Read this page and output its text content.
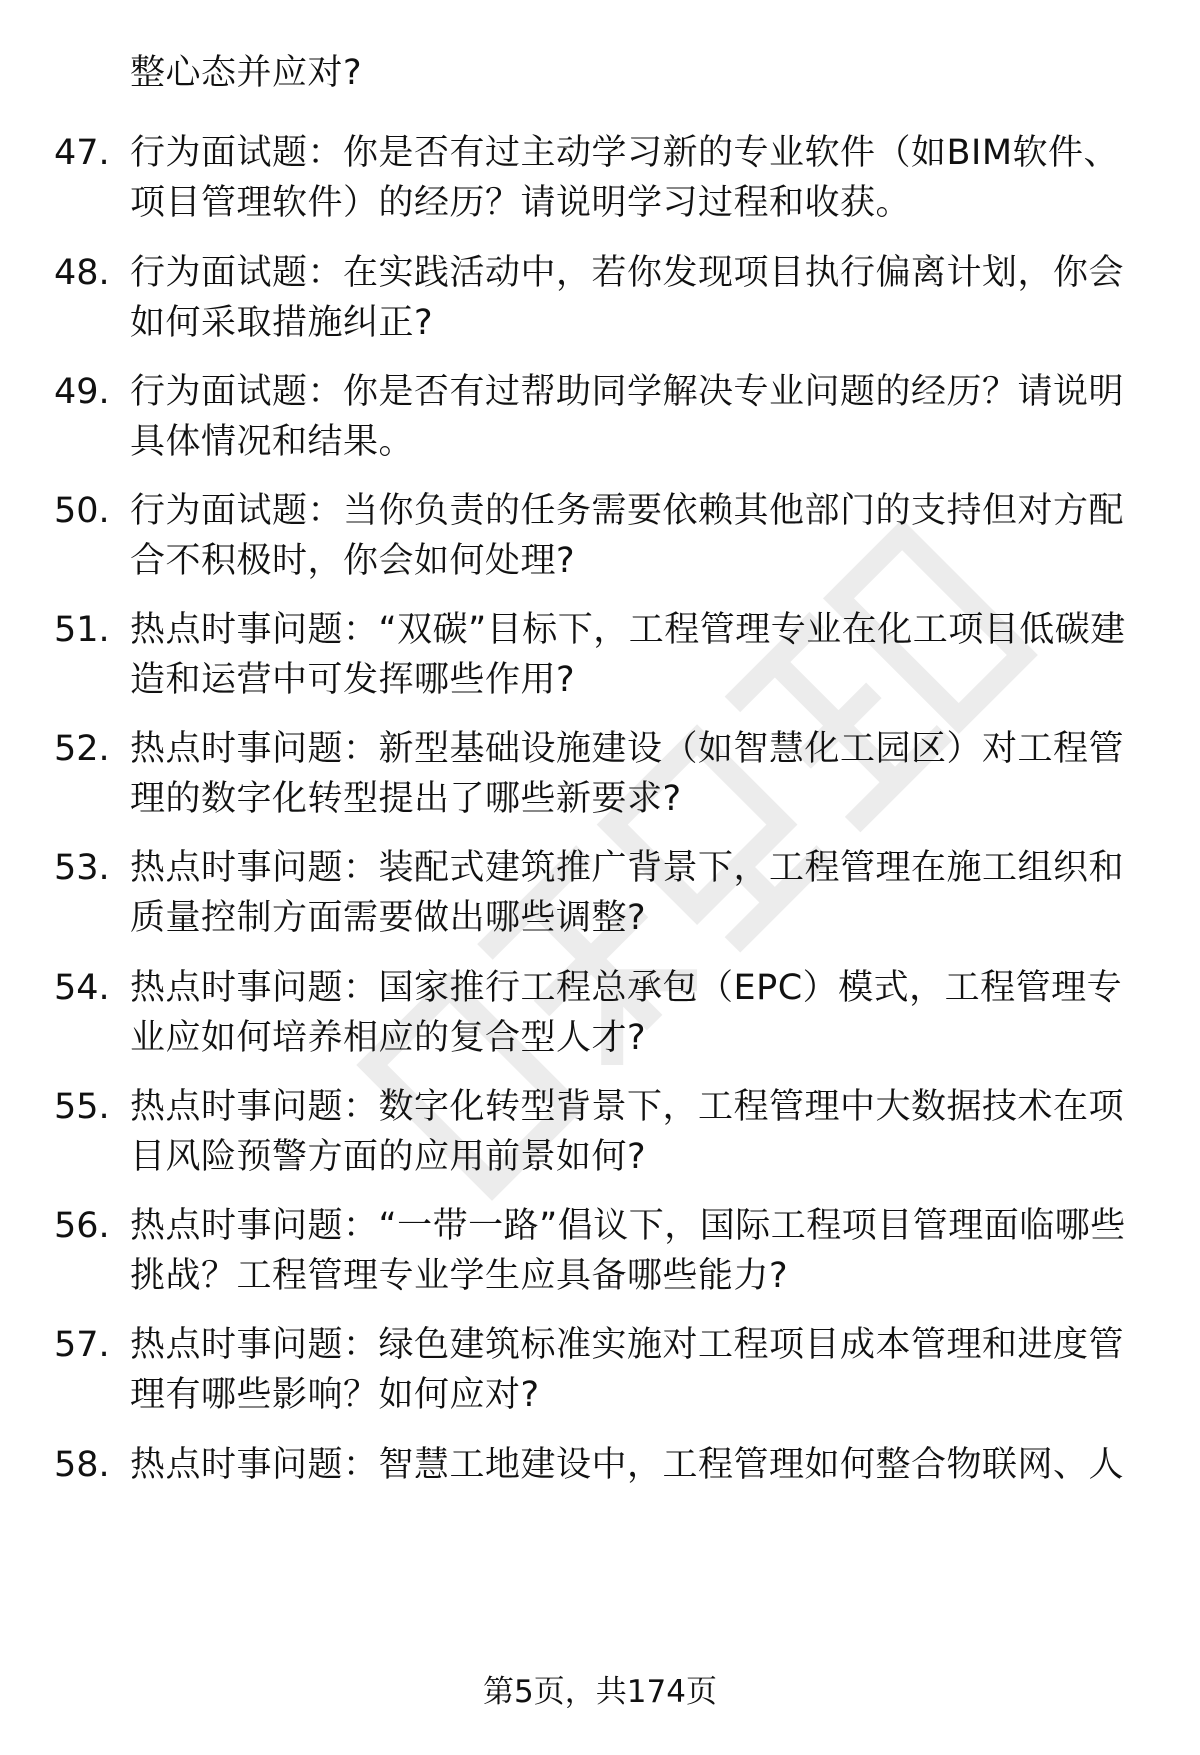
整心态并应对?
47. 行为面试题：你是否有过主动学习新的专业软件（如BIM软件、项目管理软件）的经历？请说明学习过程和收获。
48. 行为面试题：在实践活动中，若你发现项目执行偏离计划，你会如何采取措施纠正?
49. 行为面试题：你是否有过帮助同学解决专业问题的经历？请说明具体情况和结果。
50. 行为面试题：当你负责的任务需要依赖其他部门的支持但对方配合不积极时，你会如何处理?
51. 热点时事问题：“双碳”目标下，工程管理专业在化工项目低碳建造和运营中可发挥哪些作用?
52. 热点时事问题：新型基础设施建设（如智慧化工园区）对工程管理的数字化转型提出了哪些新要求?
53. 热点时事问题：装配式建筑推广背景下，工程管理在施工组织和质量控制方面需要做出哪些调整?
54. 热点时事问题：国家推行工程总承包（EPC）模式，工程管理专业应如何培养相应的复合型人才?
55. 热点时事问题：数字化转型背景下，工程管理中大数据技术在项目风险预警方面的应用前景如何?
56. 热点时事问题：“一带一路”倡议下，国际工程项目管理面临哪些挑战？工程管理专业学生应具备哪些能力?
57. 热点时事问题：绿色建筑标准实施对工程项目成本管理和进度管理有哪些影响？如何应对?
58. 热点时事问题：智慧工地建设中，工程管理如何整合物联网、人
第5页，共174页
